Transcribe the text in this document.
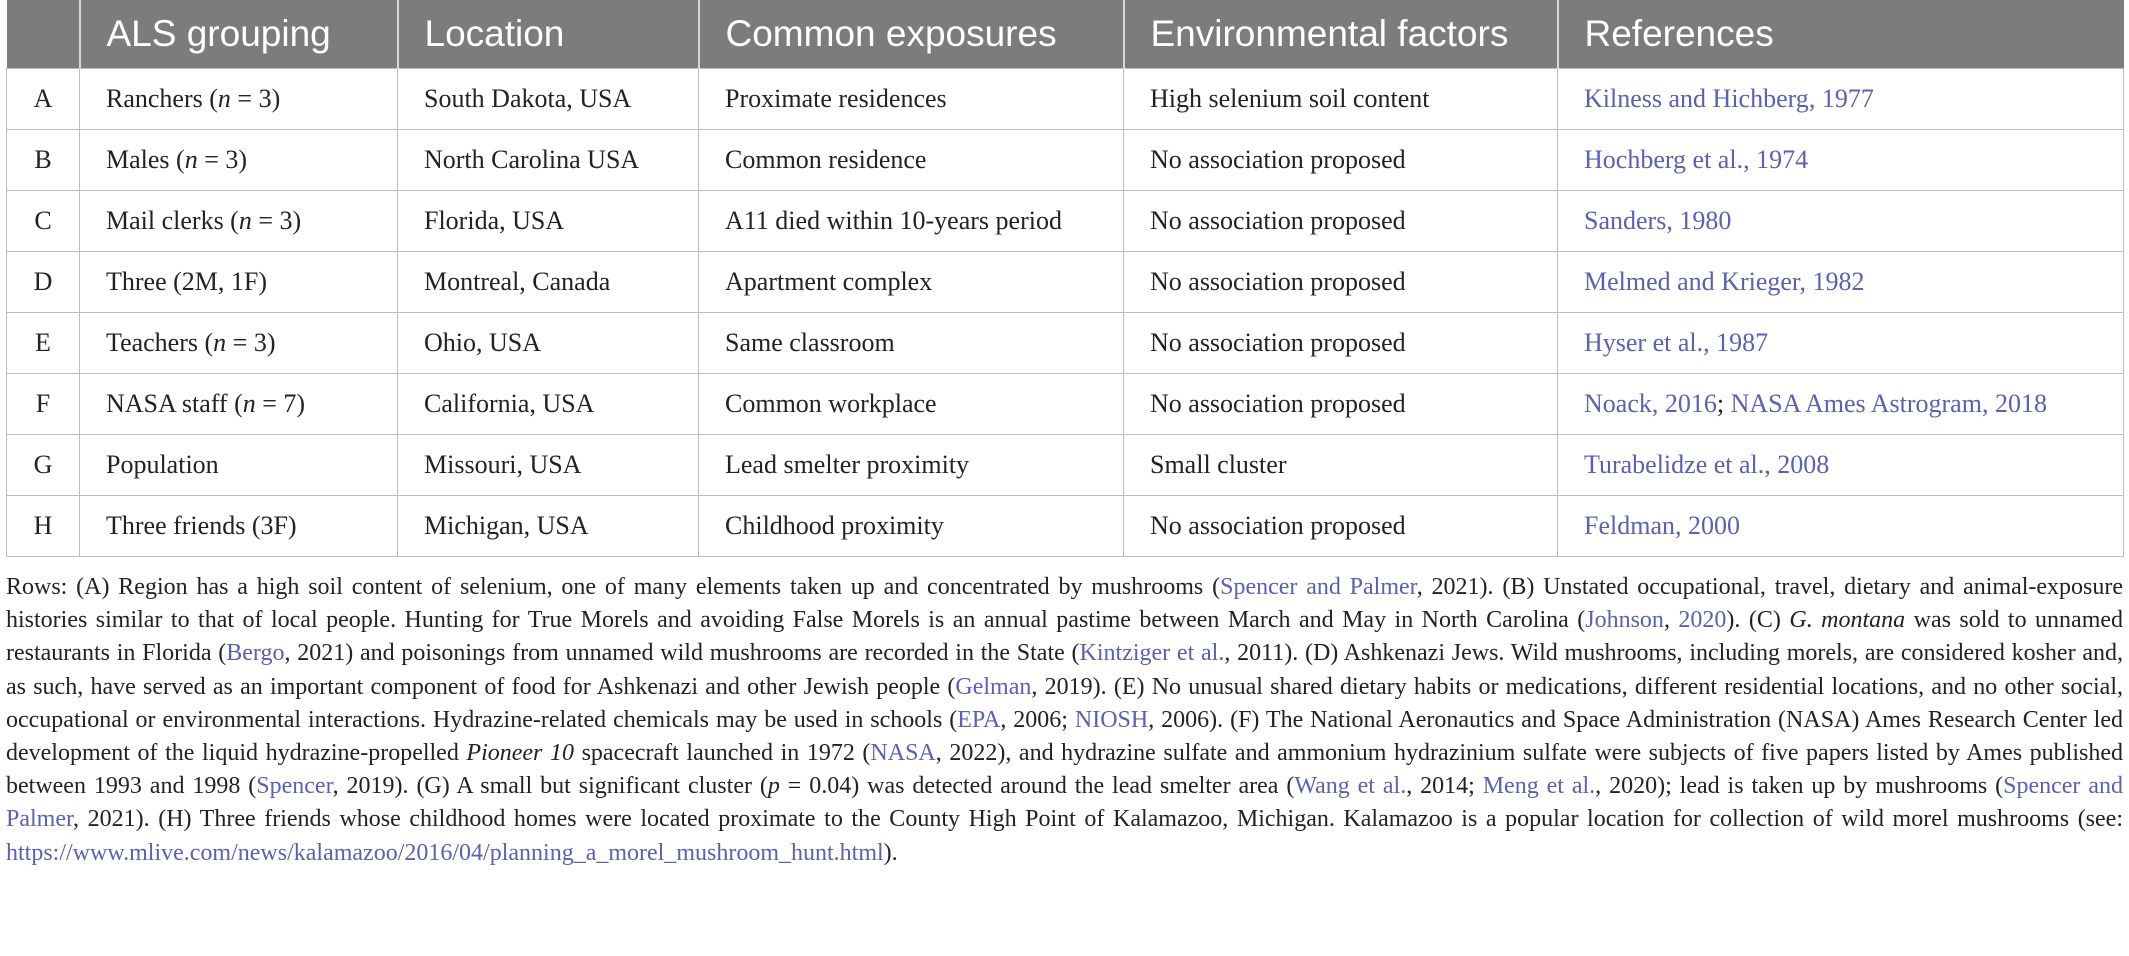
	ALS grouping	Location	Common exposures	Environmental factors	References
A	Ranchers (n = 3)	South Dakota, USA	Proximate residences	High selenium soil content	Kilness and Hichberg, 1977
B	Males (n = 3)	North Carolina USA	Common residence	No association proposed	Hochberg et al., 1974
C	Mail clerks (n = 3)	Florida, USA	A11 died within 10-years period	No association proposed	Sanders, 1980
D	Three (2M, 1F)	Montreal, Canada	Apartment complex	No association proposed	Melmed and Krieger, 1982
E	Teachers (n = 3)	Ohio, USA	Same classroom	No association proposed	Hyser et al., 1987
F	NASA staff (n = 7)	California, USA	Common workplace	No association proposed	Noack, 2016; NASA Ames Astrogram, 2018
G	Population	Missouri, USA	Lead smelter proximity	Small cluster	Turabelidze et al., 2008
H	Three friends (3F)	Michigan, USA	Childhood proximity	No association proposed	Feldman, 2000
Rows: (A) Region has a high soil content of selenium, one of many elements taken up and concentrated by mushrooms (Spencer and Palmer, 2021). (B) Unstated occupational, travel, dietary and animal-exposure histories similar to that of local people. Hunting for True Morels and avoiding False Morels is an annual pastime between March and May in North Carolina (Johnson, 2020). (C) G. montana was sold to unnamed restaurants in Florida (Bergo, 2021) and poisonings from unnamed wild mushrooms are recorded in the State (Kintziger et al., 2011). (D) Ashkenazi Jews. Wild mushrooms, including morels, are considered kosher and, as such, have served as an important component of food for Ashkenazi and other Jewish people (Gelman, 2019). (E) No unusual shared dietary habits or medications, different residential locations, and no other social, occupational or environmental interactions. Hydrazine-related chemicals may be used in schools (EPA, 2006; NIOSH, 2006). (F) The National Aeronautics and Space Administration (NASA) Ames Research Center led development of the liquid hydrazine-propelled Pioneer 10 spacecraft launched in 1972 (NASA, 2022), and hydrazine sulfate and ammonium hydrazinium sulfate were subjects of five papers listed by Ames published between 1993 and 1998 (Spencer, 2019). (G) A small but significant cluster (p = 0.04) was detected around the lead smelter area (Wang et al., 2014; Meng et al., 2020); lead is taken up by mushrooms (Spencer and Palmer, 2021). (H) Three friends whose childhood homes were located proximate to the County High Point of Kalamazoo, Michigan. Kalamazoo is a popular location for collection of wild morel mushrooms (see: https://www.mlive.com/news/kalamazoo/2016/04/planning_a_morel_mushroom_hunt.html).
